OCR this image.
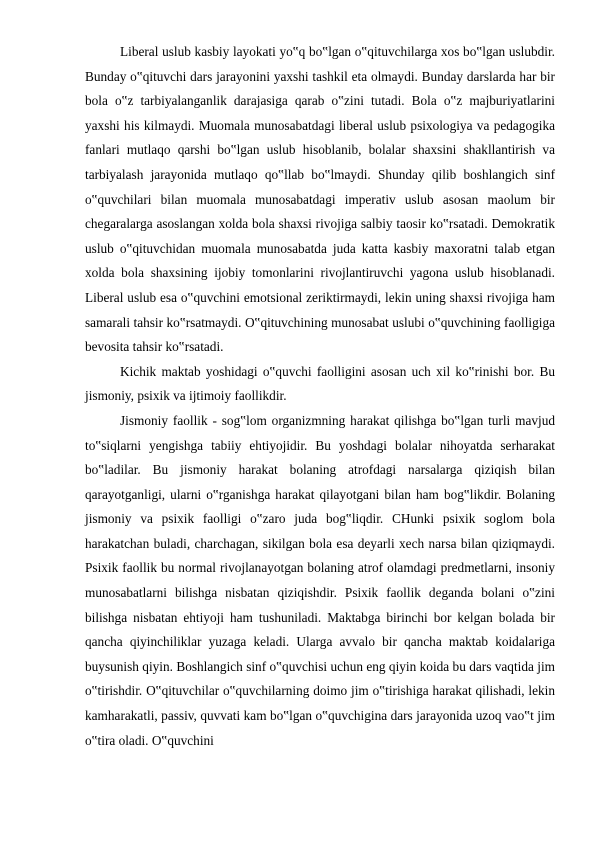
Liberal uslub kasbiy layokati yo‟q bo‟lgan o‟qituvchilarga xos bo‟lgan uslubdir. Bunday o‟qituvchi dars jarayonini yaxshi tashkil eta olmaydi. Bunday darslarda har bir bola o‟z tarbiyalanganlik darajasiga qarab o‟zini tutadi. Bola o‟z majburiyatlarini yaxshi his kilmaydi. Muomala munosabatdagi liberal uslub psixologiya va pedagogika fanlari mutlaqo qarshi bo‟lgan uslub hisoblanib, bolalar shaxsini shakllantirish va tarbiyalash jarayonida mutlaqo qo‟llab bo‟lmaydi. Shunday qilib boshlangich sinf o‟quvchilari bilan muomala munosabatdagi imperativ uslub asosan maolum bir chegaralarga asoslangan xolda bola shaxsi rivojiga salbiy taosir ko‟rsatadi. Demokratik uslub o‟qituvchidan muomala munosabatda juda katta kasbiy maxoratni talab etgan xolda bola shaxsining ijobiy tomonlarini rivojlantiruvchi yagona uslub hisoblanadi. Liberal uslub esa o‟quvchini emotsional zeriktirmaydi, lekin uning shaxsi rivojiga ham samarali tahsir ko‟rsatmaydi. O‟qituvchining munosabat uslubi o‟quvchining faolligiga bevosita tahsir ko‟rsatadi.

Kichik maktab yoshidagi o‟quvchi faolligini asosan uch xil ko‟rinishi bor. Bu jismoniy, psixik va ijtimoiy faollikdir.

Jismoniy faollik - sog‟lom organizmning harakat qilishga bo‟lgan turli mavjud to‟siqlarni yengishga tabiiy ehtiyojidir. Bu yoshdagi bolalar nihoyatda serharakat bo‟ladilar. Bu jismoniy harakat bolaning atrofdagi narsalarga qiziqish bilan qarayotganligi, ularni o‟rganishga harakat qilayotgani bilan ham bog‟likdir. Bolaning jismoniy va psixik faolligi o‟zaro juda bog‟liqdir. CHunki psixik soglom bola harakatchan buladi, charchagan, sikilgan bola esa deyarli xech narsa bilan qiziqmaydi. Psixik faollik bu normal rivojlanayotgan bolaning atrof olamdagi predmetlarni, insoniy munosabatlarni bilishga nisbatan qiziqishdir. Psixik faollik deganda bolani o‟zini bilishga nisbatan ehtiyoji ham tushuniladi. Maktabga birinchi bor kelgan bolada bir qancha qiyinchiliklar yuzaga keladi. Ularga avvalo bir qancha maktab koidalariga buysunish qiyin. Boshlangich sinf o‟quvchisi uchun eng qiyin koida bu dars vaqtida jim o‟tirishdir. O‟qituvchilar o‟quvchilarning doimo jim o‟tirishiga harakat qilishadi, lekin kamharakatli, passiv, quvvati kam bo‟lgan o‟quvchigina dars jarayonida uzoq vao‟t jim o‟tira oladi. O‟quvchini
